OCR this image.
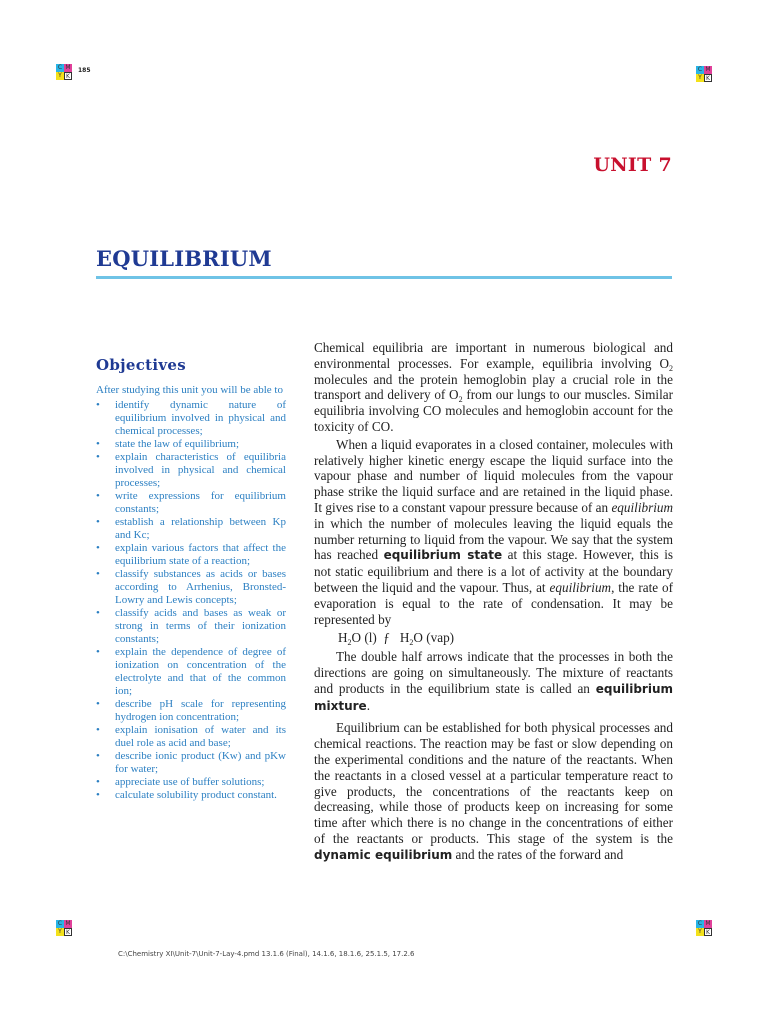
C M
Y K
185	C M
Y K
C M
Y K
C M
Y K
UNIT 7
EQUILIBRIUM
Objectives

After studying this unit you will be able to

• identify dynamic nature of equilibrium involved in physical and chemical processes;
• state the law of equilibrium;
• explain characteristics of equilibria involved in physical and chemical processes;
• write expressions for equilibrium constants;
• establish a relationship between Kp and Kc;
• explain various factors that affect the equilibrium state of a reaction;
• classify substances as acids or bases according to Arrhenius, Bronsted-Lowry and Lewis concepts;
• classify acids and bases as weak or strong in terms of their ionization constants;
• explain the dependence of degree of ionization on concentration of the electrolyte and that of the common ion;
• describe pH scale for representing hydrogen ion concentration;
• explain ionisation of water and its duel role as acid and base;
• describe ionic product (Kw) and pKw for water;
• appreciate use of buffer solutions;
• calculate solubility product constant.

Chemical equilibria are important in numerous biological and environmental processes. For example, equilibria involving $O_2$ molecules and the protein hemoglobin play a crucial role in the transport and delivery of $O_2$ from our lungs to our muscles. Similar equilibria involving CO molecules and hemoglobin account for the toxicity of CO.

When a liquid evaporates in a closed container, molecules with relatively higher kinetic energy escape the liquid surface into the vapour phase and number of liquid molecules from the vapour phase strike the liquid surface and are retained in the liquid phase. It gives rise to a constant vapour pressure because of an equilibrium in which the number of molecules leaving the liquid equals the number returning to liquid from the vapour. We say that the system has reached equilibrium state at this stage. However, this is not static equilibrium and there is a lot of activity at the boundary between the liquid and the vapour. Thus, at equilibrium, the rate of evaporation is equal to the rate of condensation. It may be represented by

$H_2O$ (l)  ƒ   $H_2O$ (vap)

The double half arrows indicate that the processes in both the directions are going on simultaneously. The mixture of reactants and products in the equilibrium state is called an equilibrium mixture.

Equilibrium can be established for both physical processes and chemical reactions. The reaction may be fast or slow depending on the experimental conditions and the nature of the reactants. When the reactants in a closed vessel at a particular temperature react to give products, the concentrations of the reactants keep on decreasing, while those of products keep on increasing for some time after which there is no change in the concentrations of either of the reactants or products. This stage of the system is the dynamic equilibrium and the rates of the forward and

C:\Chemistry XI\Unit-7\Unit-7-Lay-4.pmd 13.1.6 (Final), 14.1.6, 18.1.6, 25.1.5, 17.2.6
